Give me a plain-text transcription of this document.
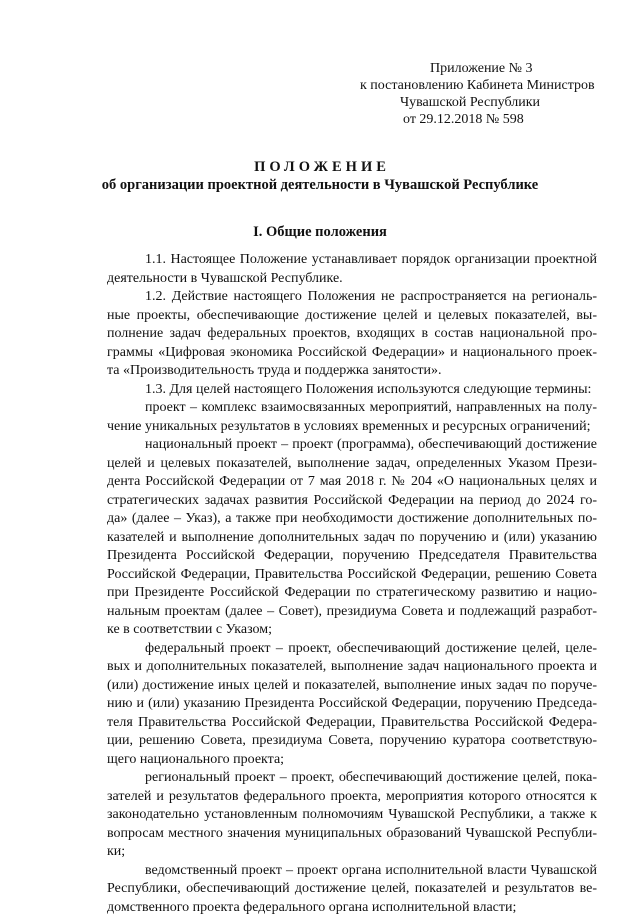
Приложение № 3
к постановлению Кабинета Министров
Чувашской Республики
от 29.12.2018 № 598
ПОЛОЖЕНИЕ
об организации проектной деятельности в Чувашской Республике
I. Общие положения
1.1. Настоящее Положение устанавливает порядок организации проектной
деятельности в Чувашской Республике.
1.2. Действие настоящего Положения не распространяется на региональ-
ные проекты, обеспечивающие достижение целей и целевых показателей, вы-
полнение задач федеральных проектов, входящих в состав национальной про-
граммы «Цифровая экономика Российской Федерации» и национального проек-
та «Производительность труда и поддержка занятости».
1.3. Для целей настоящего Положения используются следующие термины:
проект – комплекс взаимосвязанных мероприятий, направленных на полу-
чение уникальных результатов в условиях временных и ресурсных ограничений;
национальный проект – проект (программа), обеспечивающий достижение
целей и целевых показателей, выполнение задач, определенных Указом Прези-
дента Российской Федерации от 7 мая 2018 г. № 204 «О национальных целях и
стратегических задачах развития Российской Федерации на период до 2024 го-
да» (далее – Указ), а также при необходимости достижение дополнительных по-
казателей и выполнение дополнительных задач по поручению и (или) указанию
Президента Российской Федерации, поручению Председателя Правительства
Российской Федерации, Правительства Российской Федерации, решению Совета
при Президенте Российской Федерации по стратегическому развитию и нацио-
нальным проектам (далее – Совет), президиума Совета и подлежащий разработ-
ке в соответствии с Указом;
федеральный проект – проект, обеспечивающий достижение целей, целе-
вых и дополнительных показателей, выполнение задач национального проекта и
(или) достижение иных целей и показателей, выполнение иных задач по поруче-
нию и (или) указанию Президента Российской Федерации, поручению Председа-
теля Правительства Российской Федерации, Правительства Российской Федера-
ции, решению Совета, президиума Совета, поручению куратора соответствую-
щего национального проекта;
региональный проект – проект, обеспечивающий достижение целей, пока-
зателей и результатов федерального проекта, мероприятия которого относятся к
законодательно установленным полномочиям Чувашской Республики, а также к
вопросам местного значения муниципальных образований Чувашской Республи-
ки;
ведомственный проект – проект органа исполнительной власти Чувашской
Республики, обеспечивающий достижение целей, показателей и результатов ве-
домственного проекта федерального органа исполнительной власти;
